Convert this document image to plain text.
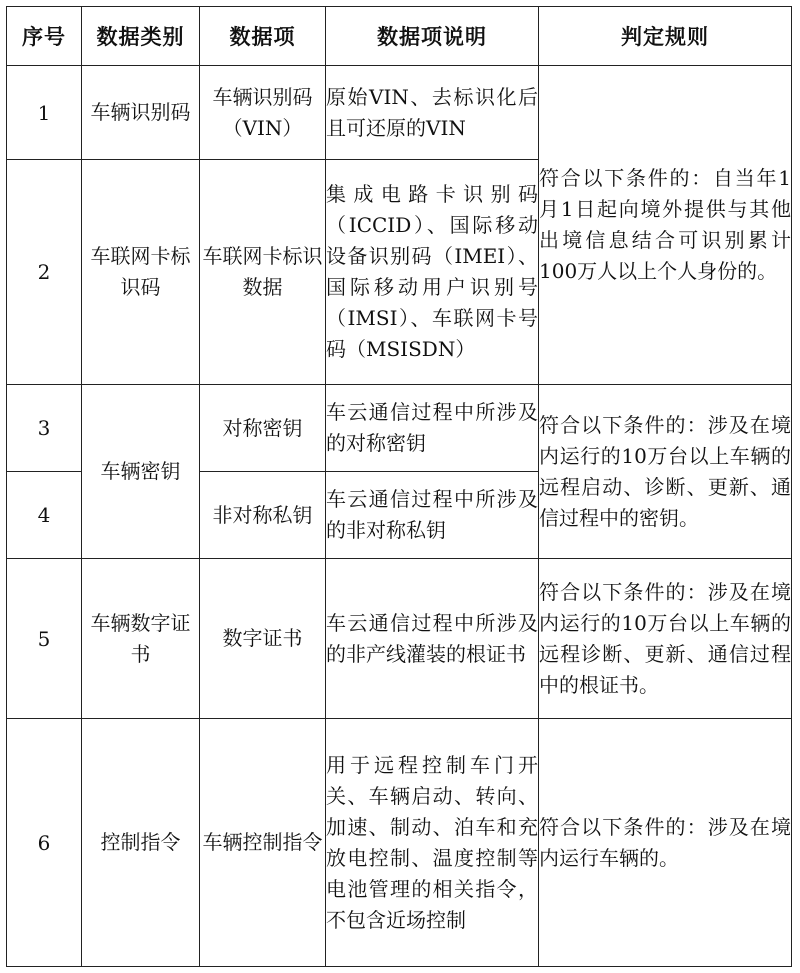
序号	数据类别	数据项	数据项说明	判定规则
1	车辆识别码	车辆识别码（VIN）	原始VIN、去标识化后且可还原的VIN	符合以下条件的：自当年1月1日起向境外提供与其他出境信息结合可识别累计100万人以上个人身份的。

2	车联网卡标识码	车联网卡标识数据	集成电路卡识别码（ICCID）、国际移动设备识别码（IMEI）、国际移动用户识别号（IMSI）、车联网卡号码（MSISDN）	

3	车辆密钥	对称密钥	车云通信过程中所涉及的对称密钥	符合以下条件的：涉及在境内运行的10万台以上车辆的远程启动、诊断、更新、通信过程中的密钥。

4		非对称私钥	车云通信过程中所涉及的非对称私钥	

5	车辆数字证书	数字证书	车云通信过程中所涉及的非产线灌装的根证书	符合以下条件的：涉及在境内运行的10万台以上车辆的远程诊断、更新、通信过程中的根证书。

6	控制指令	车辆控制指令	用于远程控制车门开关、车辆启动、转向、加速、制动、泊车和充放电控制、温度控制等电池管理的相关指令，不包含近场控制	符合以下条件的：涉及在境内运行车辆的。
